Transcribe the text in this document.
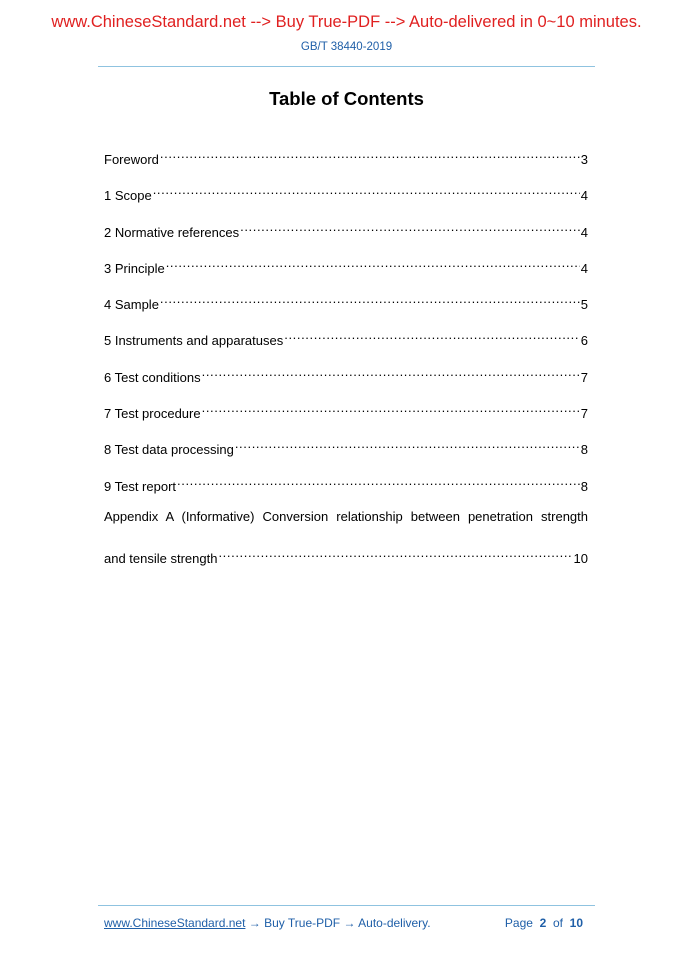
www.ChineseStandard.net --> Buy True-PDF --> Auto-delivered in 0~10 minutes.
GB/T 38440-2019
Table of Contents
Foreword .....	3
1 Scope .....	4
2 Normative references .....	4
3 Principle .....	4
4 Sample .....	5
5 Instruments and apparatuses .....	6
6 Test conditions .....	7
7 Test procedure .....	7
8 Test data processing .....	8
9 Test report .....	8
Appendix A (Informative) Conversion relationship between penetration strength
and tensile strength .....	10
www.ChineseStandard.net → Buy True-PDF → Auto-delivery.	Page 2 of 10
